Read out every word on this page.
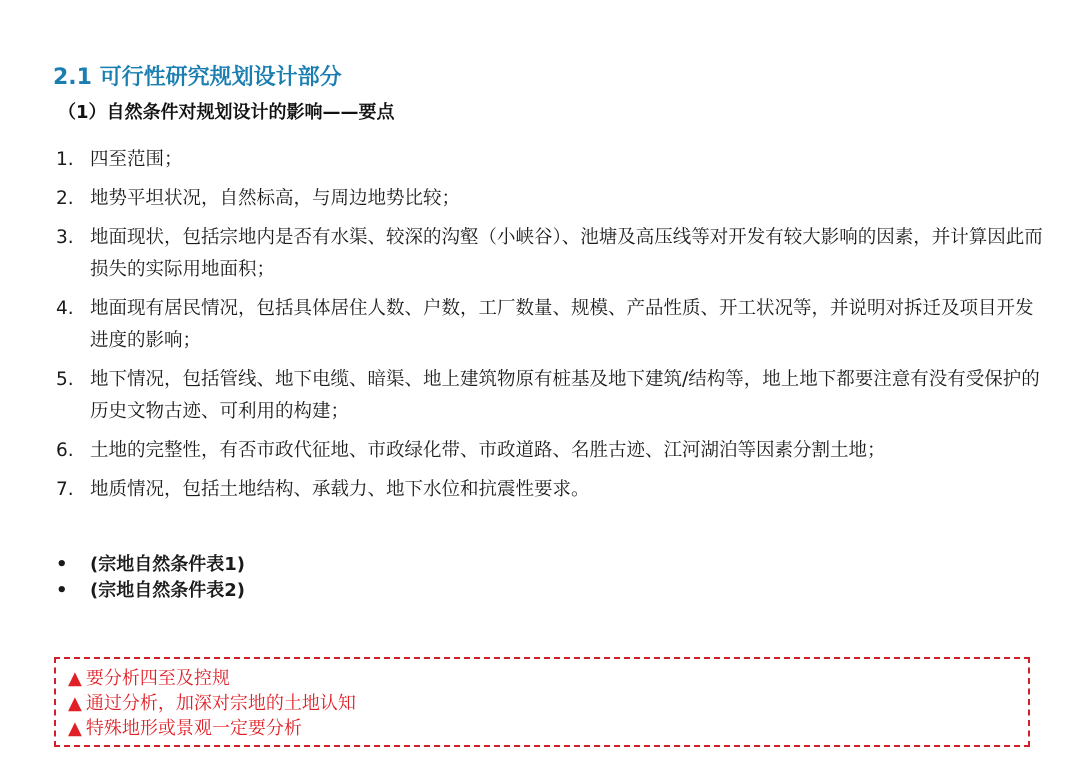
2.1 可行性研究规划设计部分
（1）自然条件对规划设计的影响——要点
1. 四至范围；
2. 地势平坦状况，自然标高，与周边地势比较；
3. 地面现状，包括宗地内是否有水渠、较深的沟壑（小峡谷）、池塘及高压线等对开发有较大影响的因素，并计算因此而损失的实际用地面积；
4. 地面现有居民情况，包括具体居住人数、户数，工厂数量、规模、产品性质、开工状况等，并说明对拆迁及项目开发进度的影响；
5. 地下情况，包括管线、地下电缆、暗渠、地上建筑物原有桩基及地下建筑/结构等，地上地下都要注意有没有受保护的历史文物古迹、可利用的构建；
6. 土地的完整性，有否市政代征地、市政绿化带、市政道路、名胜古迹、江河湖泊等因素分割土地；
7. 地质情况，包括土地结构、承载力、地下水位和抗震性要求。
•	(宗地自然条件表1)
•	(宗地自然条件表2)
▲ 要分析四至及控规
▲ 通过分析，加深对宗地的土地认知
▲ 特殊地形或景观一定要分析
